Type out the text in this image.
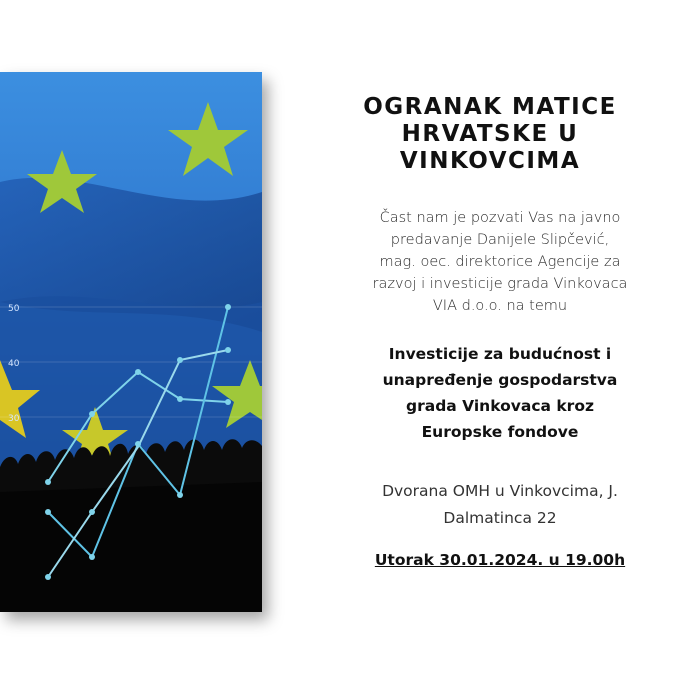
50
40
30
OGRANAK MATICE
HRVATSKE U
VINKOVCIMA

Čast nam je pozvati Vas na javno
predavanje Danijele Slipčević,
mag. oec. direktorice Agencije za
razvoj i investicije grada Vinkovaca
VIA d.o.o. na temu

Investicije za budućnost i
unapređenje gospodarstva
grada Vinkovaca kroz
Europske fondove

Dvorana OMH u Vinkovcima, J.
Dalmatinca 22

Utorak 30.01.2024. u 19.00h
